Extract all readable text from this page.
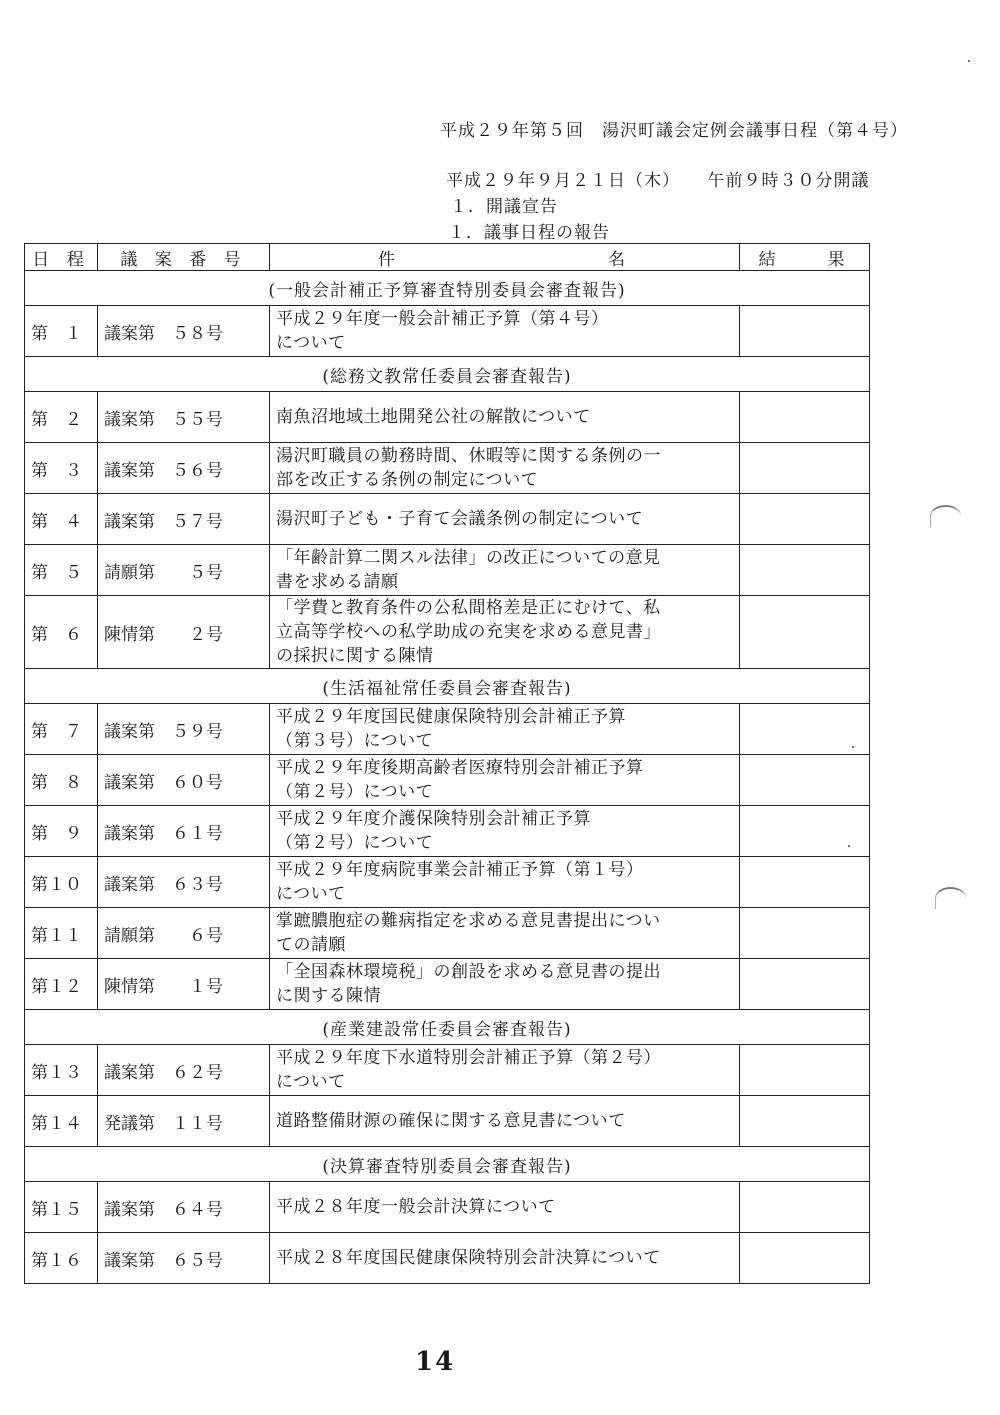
平成２９年第５回　湯沢町議会定例会議事日程（第４号）
平成２９年９月２１日（木）　　午前９時３０分開議
１．開議宣告
１．議事日程の報告
日 程	議 案 番 号	件　　　　　　　　　名	結　　果
(一般会計補正予算審査特別委員会審査報告)			
第　１	議案第　５８号	平成２９年度一般会計補正予算（第４号）
について	
(総務文教常任委員会審査報告)			
第　２	議案第　５５号	南魚沼地域土地開発公社の解散について	
第　３	議案第　５６号	湯沢町職員の勤務時間、休暇等に関する条例の一
部を改正する条例の制定について	
第　４	議案第　５７号	湯沢町子ども・子育て会議条例の制定について	
第　５	請願第　　５号	「年齢計算二関スル法律」の改正についての意見
書を求める請願	
第　６	陳情第　　２号	「学費と教育条件の公私間格差是正にむけて、私
立高等学校への私学助成の充実を求める意見書」
の採択に関する陳情	
(生活福祉常任委員会審査報告)			
第　７	議案第　５９号	平成２９年度国民健康保険特別会計補正予算
（第３号）について	
第　８	議案第　６０号	平成２９年度後期高齢者医療特別会計補正予算
（第２号）について	
第　９	議案第　６１号	平成２９年度介護保険特別会計補正予算
（第２号）について	
第１０	議案第　６３号	平成２９年度病院事業会計補正予算（第１号）
について	
第１１	請願第　　６号	掌蹠膿胞症の難病指定を求める意見書提出につい
ての請願	
第１２	陳情第　　１号	「全国森林環境税」の創設を求める意見書の提出
に関する陳情	
(産業建設常任委員会審査報告)			
第１３	議案第　６２号	平成２９年度下水道特別会計補正予算（第２号）
について	
第１４	発議第　１１号	道路整備財源の確保に関する意見書について	
(決算審査特別委員会審査報告)			
第１５	議案第　６４号	平成２８年度一般会計決算について	
第１６	議案第　６５号	平成２８年度国民健康保険特別会計決算について	
14
